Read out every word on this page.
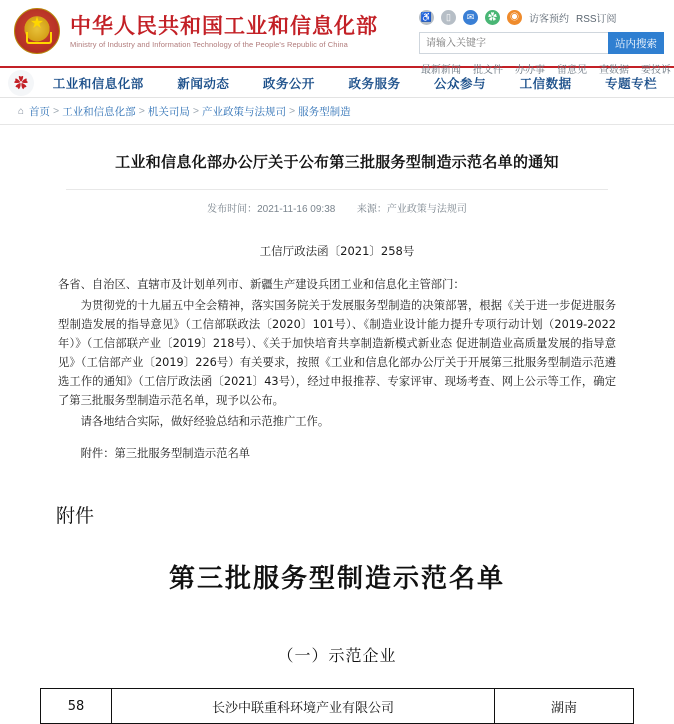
★
中华人民共和国工业和信息化部
Ministry of Industry and Information Technology of the People's Republic of China
♿	▯	✉	✿	◉	访客预约 RSS订阅
请输入关键字
站内搜索
最新新闻 批文件 办办事 留意见 查数据 要投诉
✿	工业和信息化部	新闻动态	政务公开	政务服务	公众参与	工信数据	专题专栏
⌂ 首页 > 工业和信息化部 > 机关司局 > 产业政策与法规司 > 服务型制造
工业和信息化部办公厅关于公布第三批服务型制造示范名单的通知
发布时间：2021-11-16 09:38 来源：产业政策与法规司
工信厅政法函〔2021〕258号

各省、自治区、直辖市及计划单列市、新疆生产建设兵团工业和信息化主管部门：

为贯彻党的十九届五中全会精神，落实国务院关于发展服务型制造的决策部署，根据《关于进一步促进服务型制造发展的指导意见》（工信部联政法〔2020〕101号）、《制造业设计能力提升专项行动计划（2019-2022年）》（工信部联产业〔2019〕218号）、《关于加快培育共享制造新模式新业态 促进制造业高质量发展的指导意见》（工信部产业〔2019〕226号）有关要求，按照《工业和信息化部办公厅关于开展第三批服务型制造示范遴选工作的通知》（工信厅政法函〔2021〕43号），经过申报推荐、专家评审、现场考查、网上公示等工作，确定了第三批服务型制造示范名单，现予以公布。

请各地结合实际，做好经验总结和示范推广工作。

附件：第三批服务型制造示范名单
附件
第三批服务型制造示范名单
（一）示范企业
58	长沙中联重科环境产业有限公司	湖南
